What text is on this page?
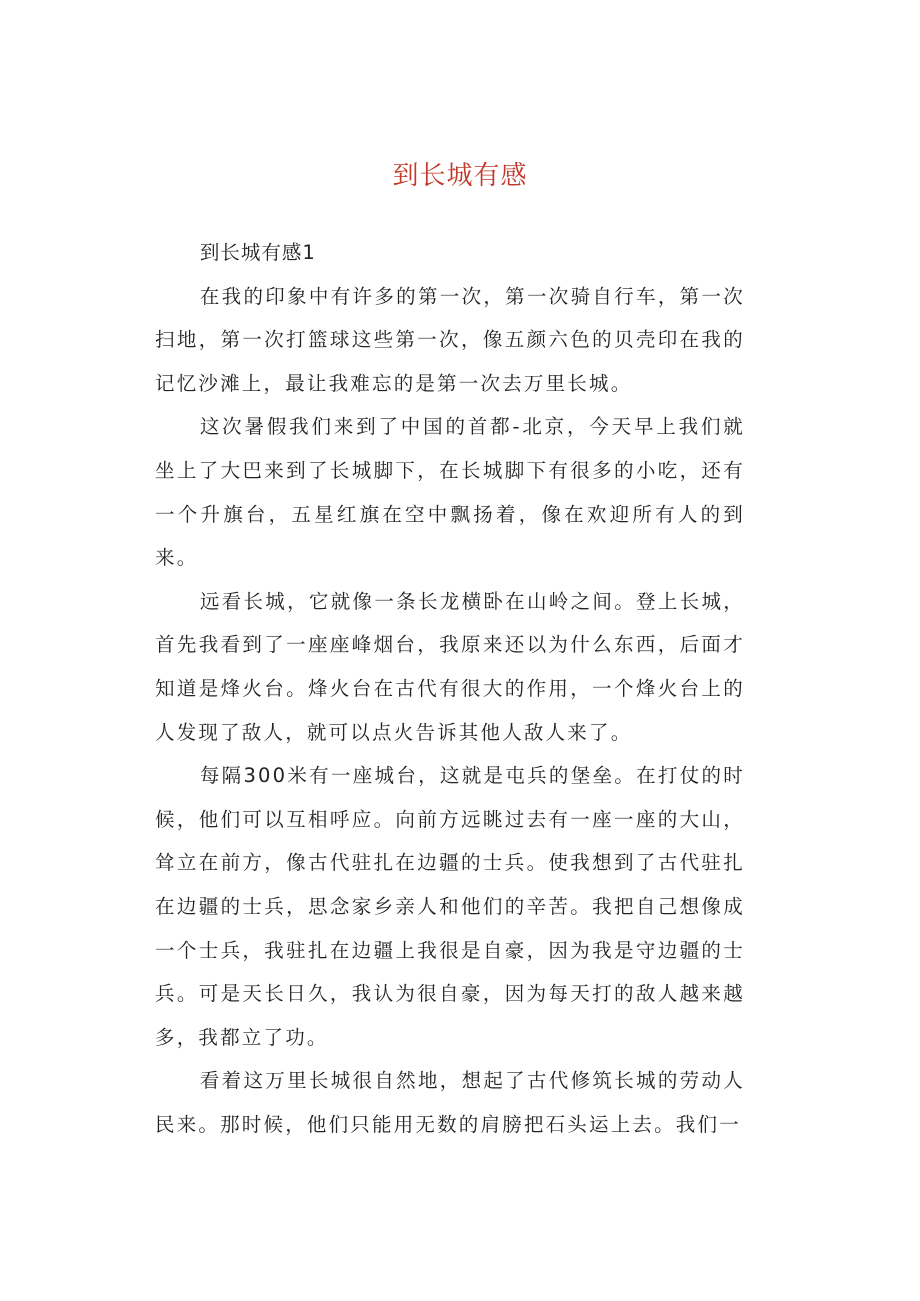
到长城有感

到长城有感1

在我的印象中有许多的第一次，第一次骑自行车，第一次扫地，第一次打篮球这些第一次，像五颜六色的贝壳印在我的记忆沙滩上，最让我难忘的是第一次去万里长城。

这次暑假我们来到了中国的首都-北京，今天早上我们就坐上了大巴来到了长城脚下，在长城脚下有很多的小吃，还有一个升旗台，五星红旗在空中飘扬着，像在欢迎所有人的到来。

远看长城，它就像一条长龙横卧在山岭之间。登上长城，首先我看到了一座座峰烟台，我原来还以为什么东西，后面才知道是烽火台。烽火台在古代有很大的作用，一个烽火台上的人发现了敌人，就可以点火告诉其他人敌人来了。

每隔300米有一座城台，这就是屯兵的堡垒。在打仗的时候，他们可以互相呼应。向前方远眺过去有一座一座的大山，耸立在前方，像古代驻扎在边疆的士兵。使我想到了古代驻扎在边疆的士兵，思念家乡亲人和他们的辛苦。我把自己想像成一个士兵，我驻扎在边疆上我很是自豪，因为我是守边疆的士兵。可是天长日久，我认为很自豪，因为每天打的敌人越来越多，我都立了功。

看着这万里长城很自然地，想起了古代修筑长城的劳动人民来。那时候，他们只能用无数的肩膀把石头运上去。我们一
